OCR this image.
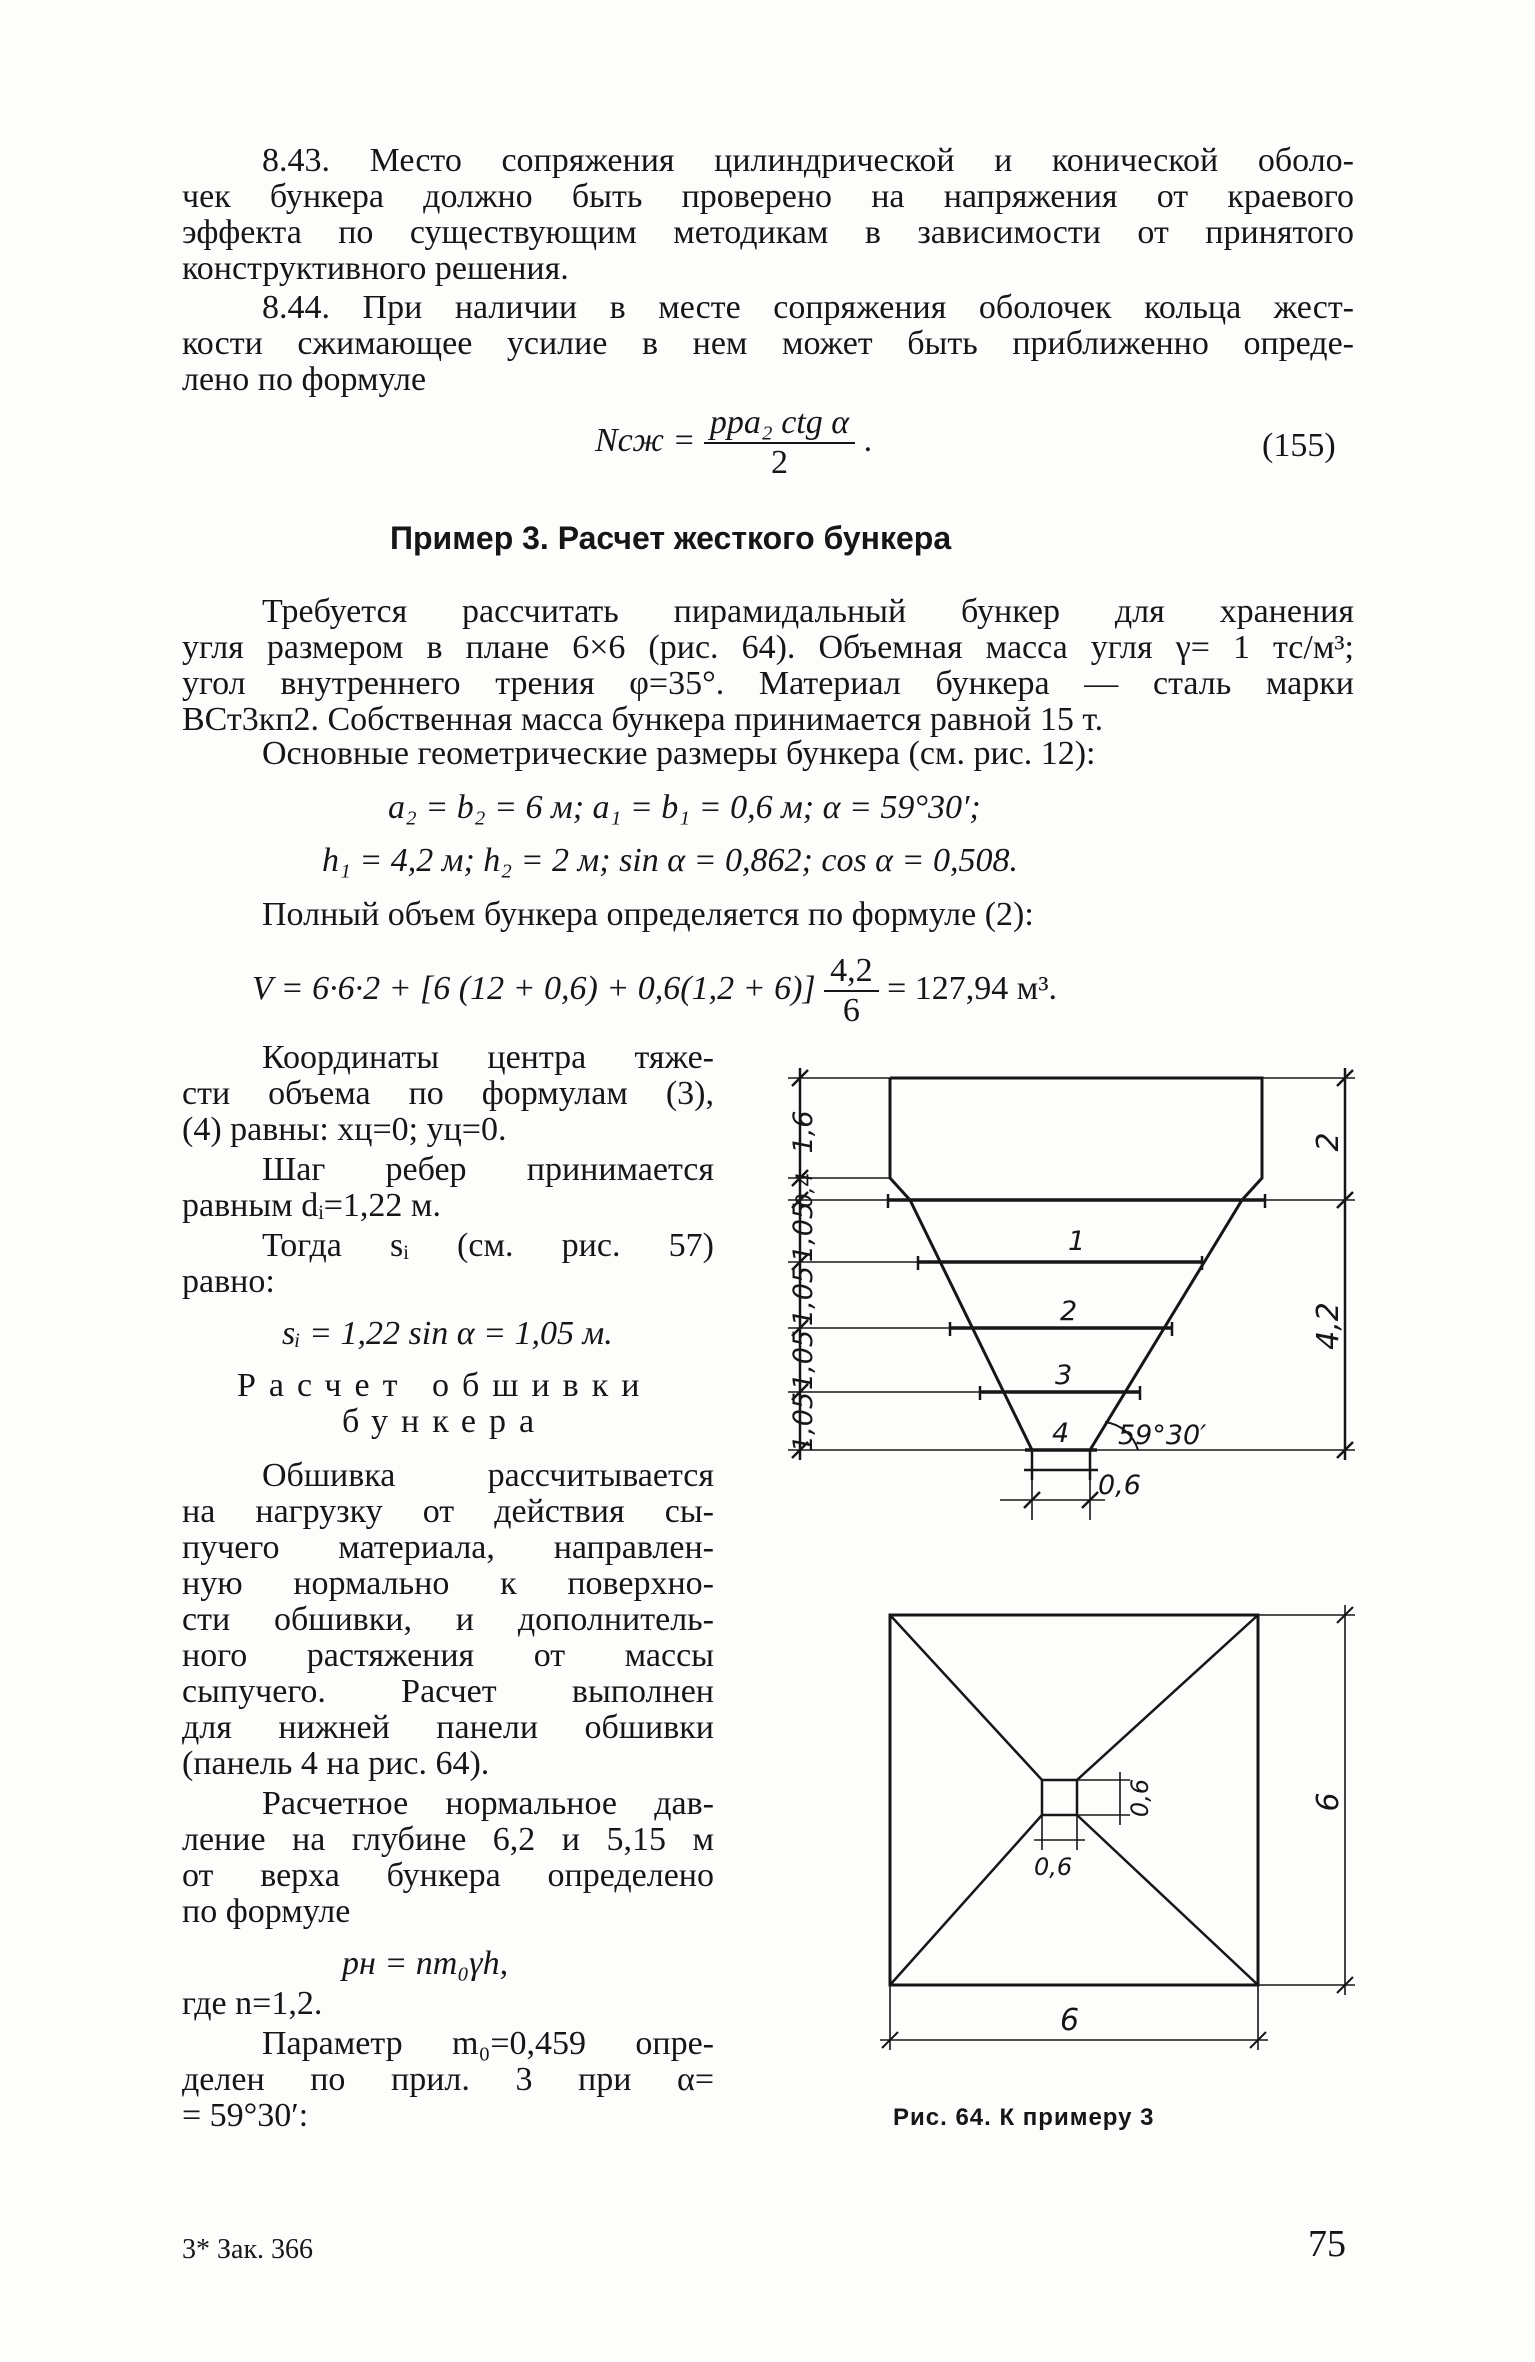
8.43. Место сопряжения цилиндрической и конической оболо-
чек бункера должно быть проверено на напряжения от краевого
эффекта по существующим методикам в зависимости от принятого
конструктивного решения.
8.44. При наличии в месте сопряжения оболочек кольца жест-
кости сжимающее усилие в нем может быть приближенно опреде-
лено по формуле
Nсж = $\frac{\text{pрa₂ ctg α}}{2}$ .	(155)
Пример 3. Расчет жесткого бункера
Требуется рассчитать пирамидальный бункер для хранения
угля размером в плане 6×6 (рис. 64). Объемная масса угля γ= 1 тс/м³;
угол внутреннего трения φ=35°. Материал бункера — сталь марки
ВСт3кп2. Собственная масса бункера принимается равной 15 т.
Основные геометрические размеры бункера (см. рис. 12):
a₂ = b₂ = 6 м; a₁ = b₁ = 0,6 м; α = 59°30′;
h₁ = 4,2 м; h₂ = 2 м; sin α = 0,862; cos α = 0,508.
Полный объем бункера определяется по формуле (2):
V = 6·6·2 + [6 $(12 + 0,6) + 0,6(1,2 + 6)] \frac{4,2}{6} = 127,94$ м³.
Координаты центра тяже-
сти объема по формулам (3),
(4) равны: xц=0; yц=0.
Шаг ребер принимается
равным dᵢ=1,22 м.
Тогда sᵢ (см. рис. 57)
равно:
sᵢ = 1,22 sin α = 1,05 м.
Расчет обшивки
бункера
Обшивка рассчитывается
на нагрузку от действия сы-
пучего материала, направлен-
ную нормально к поверхно-
сти обшивки, и дополнитель-
ного растяжения от массы
сыпучего. Расчет выполнен
для нижней панели обшивки
(панель 4 на рис. 64).
Расчетное нормальное дав-
ление на глубине 6,2 и 5,15 м
от верха бункера определено
по формуле
pн = nm₀γh,
где n=1,2.
Параметр m₀=0,459 опре-
делен по прил. 3 при α=
= 59°30′:
1,6
0,4
1,05
1,05
1,05
1,05
2
4,2
1
2
3
4 59°30′
0,6
0,6
0,6
6
6
Рис. 64. К примеру 3
3* Зак. 366	75
